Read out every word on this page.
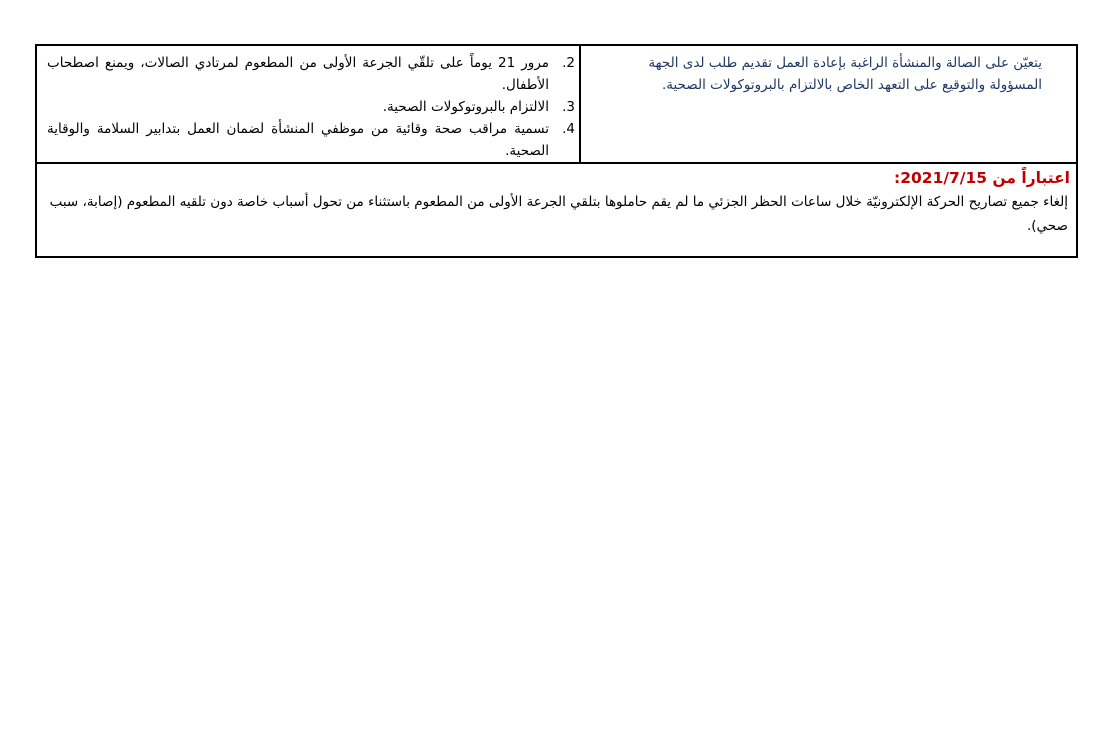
يتعيّن على الصالة والمنشأة الراغبة بإعادة العمل تقديم طلب لدى الجهة المسؤولة والتوقيع على التعهد الخاص بالالتزام بالبروتوكولات الصحية.

2.
مرور 21 يوماً على تلقّي الجرعة الأولى من المطعوم لمرتادي الصالات، ويمنع اصطحاب الأطفال.
3.
الالتزام بالبروتوكولات الصحية.
4.
تسمية مراقب صحة وقائية من موظفي المنشأة لضمان العمل بتدابير السلامة والوقاية الصحية.

اعتباراً من 2021/7/15:

إلغاء جميع تصاريح الحركة الإلكترونيّة خلال ساعات الحظر الجزئي ما لم يقم حاملوها بتلقي الجرعة الأولى من المطعوم باستثناء من تحول أسباب خاصة دون تلقيه المطعوم (إصابة، سبب صحي).
